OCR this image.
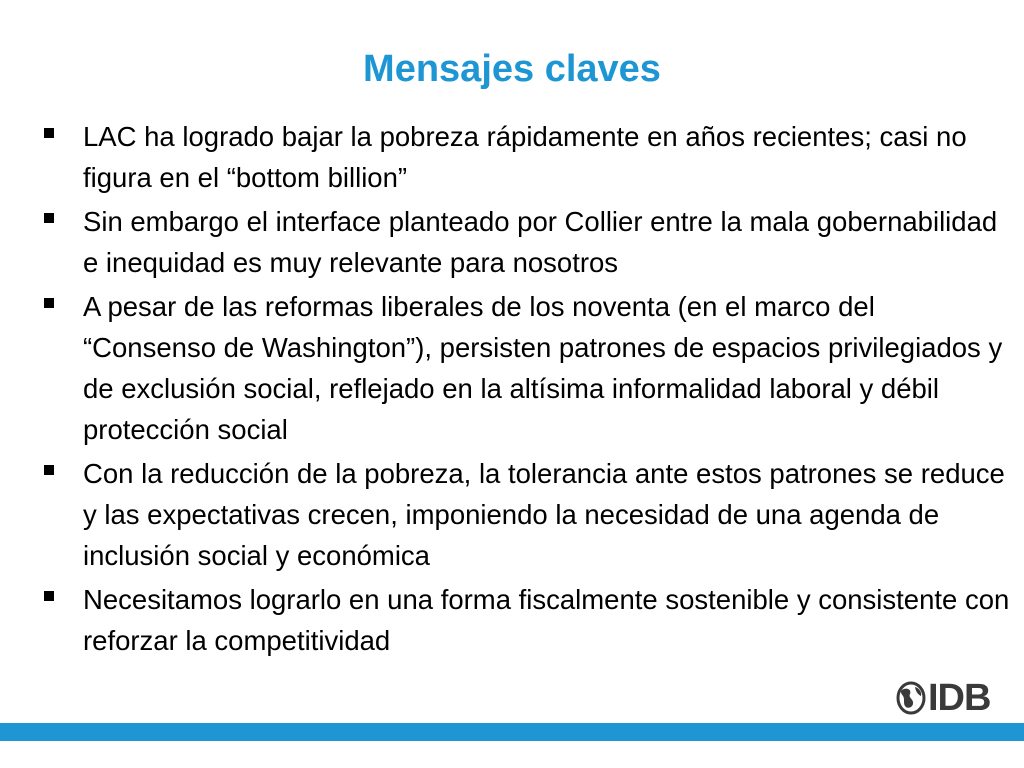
Mensajes claves
LAC ha logrado bajar la pobreza rápidamente en años recientes; casi no figura en el “bottom billion”
Sin embargo el interface planteado por Collier entre la mala gobernabilidad e inequidad es muy relevante para nosotros
A pesar de las reformas liberales de los noventa (en el marco del “Consenso de Washington”), persisten patrones de espacios privilegiados y de exclusión social, reflejado en la altísima informalidad laboral y débil protección social
Con la reducción de la pobreza, la tolerancia ante estos patrones se reduce y las expectativas crecen, imponiendo la necesidad de una agenda de inclusión social y económica
Necesitamos lograrlo en una forma fiscalmente sostenible y consistente con reforzar la competitividad
IDB
